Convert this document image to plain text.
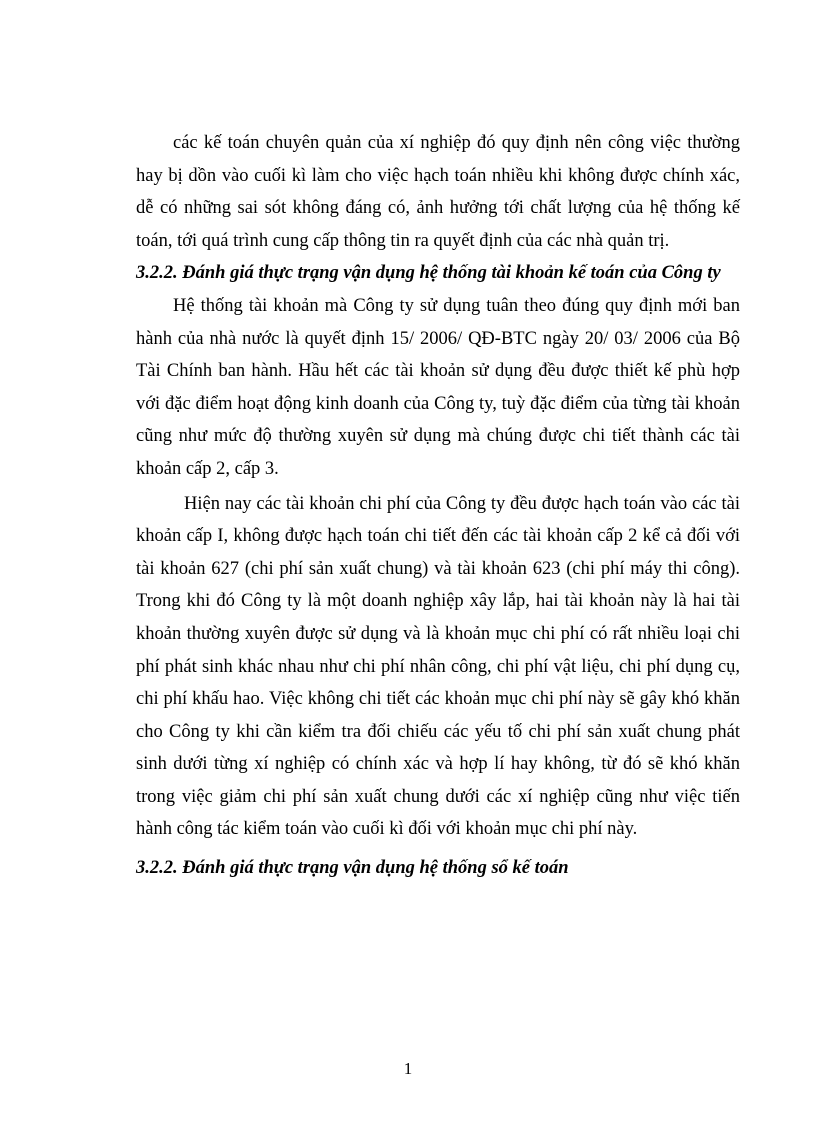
các kế toán chuyên quản của xí nghiệp đó quy định nên công việc thường hay bị dồn vào cuối kì làm cho việc hạch toán nhiều khi không được chính xác, dễ có những sai sót không đáng có, ảnh hưởng tới chất lượng của hệ thống kế toán, tới quá trình cung cấp thông tin ra quyết định của các nhà quản trị.

3.2.2. Đánh giá thực trạng vận dụng hệ thống tài khoản kế toán của Công ty

Hệ thống tài khoản mà Công ty sử dụng tuân theo đúng quy định mới ban hành của nhà nước là quyết định 15/ 2006/ QĐ-BTC ngày 20/ 03/ 2006 của Bộ Tài Chính ban hành. Hầu hết các tài khoản sử dụng đều được thiết kế phù hợp với đặc điểm hoạt động kinh doanh của Công ty, tuỳ đặc điểm của từng tài khoản cũng như mức độ thường xuyên sử dụng mà chúng được chi tiết thành các tài khoản cấp 2, cấp 3.

Hiện nay các tài khoản chi phí của Công ty đều được hạch toán vào các tài khoản cấp I, không được hạch toán chi tiết đến các tài khoản cấp 2 kể cả đối với tài khoản 627 (chi phí sản xuất chung) và tài khoản 623 (chi phí máy thi công). Trong khi đó Công ty là một doanh nghiệp xây lắp, hai tài khoản này là hai tài khoản thường xuyên được sử dụng và là khoản mục chi phí có rất nhiều loại chi phí phát sinh khác nhau như chi phí nhân công, chi phí vật liệu, chi phí dụng cụ, chi phí khấu hao. Việc không chi tiết các khoản mục chi phí này sẽ gây khó khăn cho Công ty khi cần kiểm tra đối chiếu các yếu tố chi phí sản xuất chung phát sinh dưới từng xí nghiệp có chính xác và hợp lí hay không, từ đó sẽ khó khăn trong việc giảm chi phí sản xuất chung dưới các xí nghiệp cũng như việc tiến hành công tác kiểm toán vào cuối kì đối với khoản mục chi phí này.

3.2.2. Đánh giá thực trạng vận dụng hệ thống sổ kế toán

1
